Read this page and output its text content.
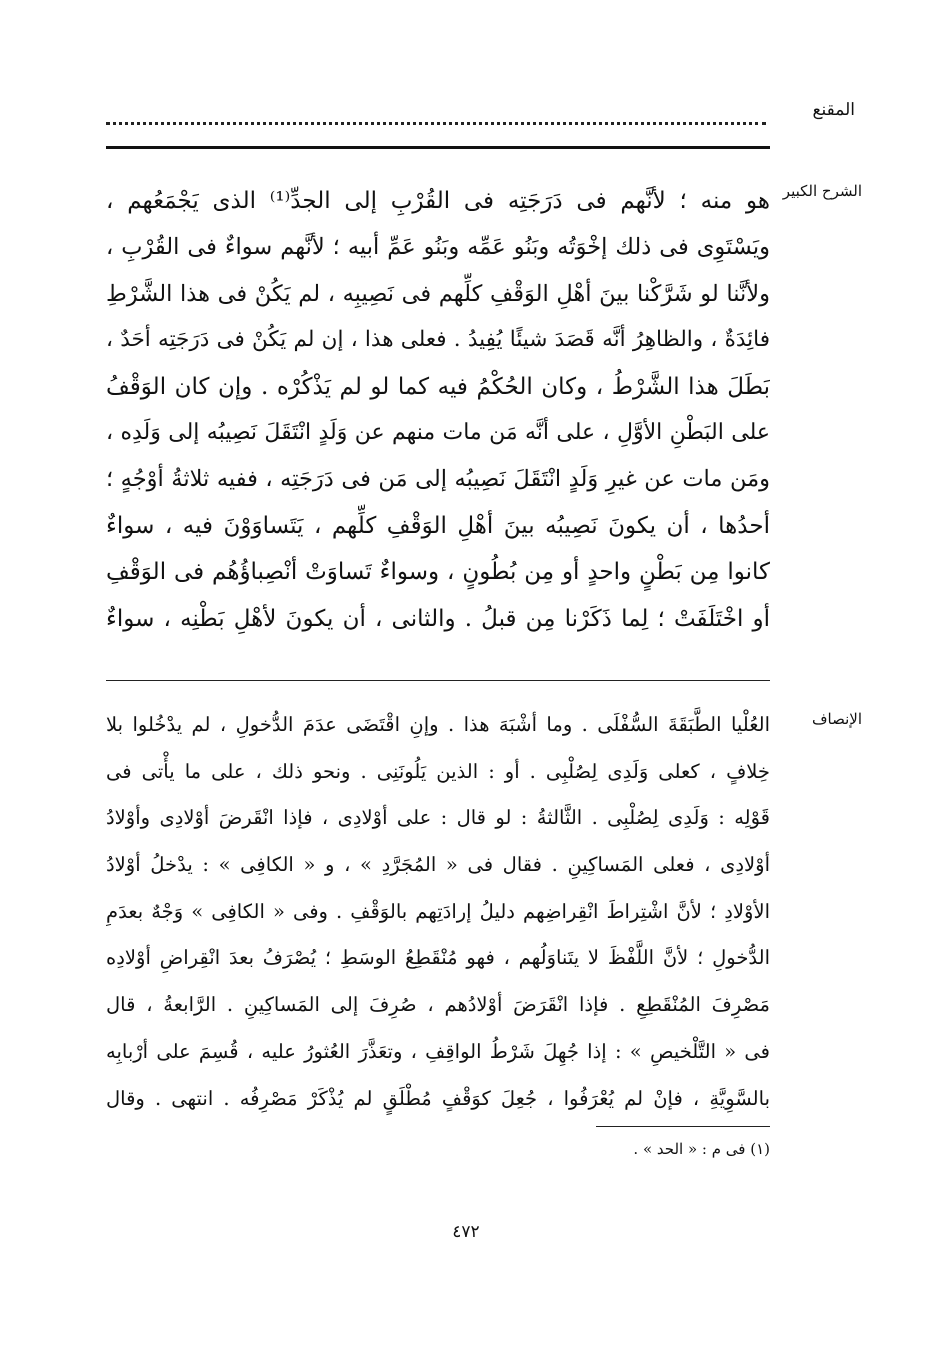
المقنع
الشرح الكبير
هو منه ؛ لأنَّهم فى دَرَجَتِه فى القُرْبِ إلى الجدِّ⁽¹⁾ الذى يَجْمَعُهم ،
ويَسْتَوِى فى ذلك إخْوَتُه وبَنُو عَمِّه وبَنُو عَمِّ أبيه ؛ لأنَّهم سواءٌ فى القُرْبِ ،
ولأنَّنا لو شَرَّكْنا بينَ أهْلِ الوَقْفِ كلِّهم فى نَصِيبِه ، لم يَكُنْ فى هذا الشَّرْطِ
فائِدَةٌ ، والظاهِرُ أنَّه قَصَدَ شيئًا يُفِيدُ . فعلى هذا ، إن لم يَكُنْ فى دَرَجَتِه أحَدٌ ،
بَطَلَ هذا الشَّرْطُ ، وكان الحُكْمُ فيه كما لو لم يَذْكُرْه . وإن كان الوَقْفُ
على البَطْنِ الأوَّلِ ، على أنَّه مَن مات منهم عن وَلَدٍ انْتَقَلَ نَصِيبُه إلى وَلَدِه ،
ومَن مات عن غيرِ وَلَدٍ انْتَقَلَ نَصِيبُه إلى مَن فى دَرَجَتِه ، ففيه ثلاثةُ أوْجُهٍ ؛
أحدُها ، أن يكونَ نَصِيبُه بينَ أهْلِ الوَقْفِ كلِّهم ، يَتَساوَوْنَ فيه ، سواءٌ
كانوا مِن بَطْنٍ واحدٍ أو مِن بُطُونٍ ، وسواءٌ تَساوَتْ أنْصِباؤُهُم فى الوَقْفِ
أو اخْتَلَفَتْ ؛ لِما ذَكَرْنا مِن قبلُ . والثانى ، أن يكونَ لأهْلِ بَطْنِه ، سواءٌ
الإنصاف
العُلْيا الطَّبَقَةَ السُّفْلَى . وما أشْبَهَ هذا . وإنِ اقْتَضَى عدَمَ الدُّخولِ ، لم يدْخُلوا بلا
خِلافٍ ، كعلى وَلَدِى لِصُلْبِى . أو : الذين يَلُونَنِى . ونحو ذلك ، على ما يأْتى فى
قَوْلِه : وَلَدِى لِصُلْبِى . الثَّالثةُ : لو قال : على أوْلادِى ، فإذا انْقَرضَ أوْلادِى وأوْلادُ
أوْلادِى ، فعلى المَساكِينِ . فقال فى « المُجَرَّدِ » ، و « الكافِى » : يدْخلُ أوْلادُ
الأوْلادِ ؛ لأنَّ اشْتِراطَ انْقِراضِهم دليلُ إرادَتِهم بالوَقْفِ . وفى « الكافِى » وَجْهٌ بعدَمِ
الدُّخولِ ؛ لأنَّ اللَّفْظَ لا يتَناوَلُهم ، فهو مُنْقَطِعُ الوسَطِ ؛ يُصْرَفُ بعدَ انْقِراضِ أوْلادِه
مَصْرِفَ المُنْقَطِعِ . فإذا انْقَرَضَ أوْلادُهم ، صُرِفَ إلى المَساكِينِ . الرَّابعةُ ، قال
فى « التَّلْخيصِ » : إذا جُهِلَ شَرْطُ الواقِفِ ، وتعَذَّرَ العُثورُ عليه ، قُسِمَ على أرْبابِه
بالسَّوِيَّةِ ، فإنْ لم يُعْرَفُوا ، جُعِلَ كوَقْفٍ مُطْلَقٍ لم يُذْكَرْ مَصْرِفُه . انتهى . وقال
(١) فى م : « الحد » .
٤٧٢
